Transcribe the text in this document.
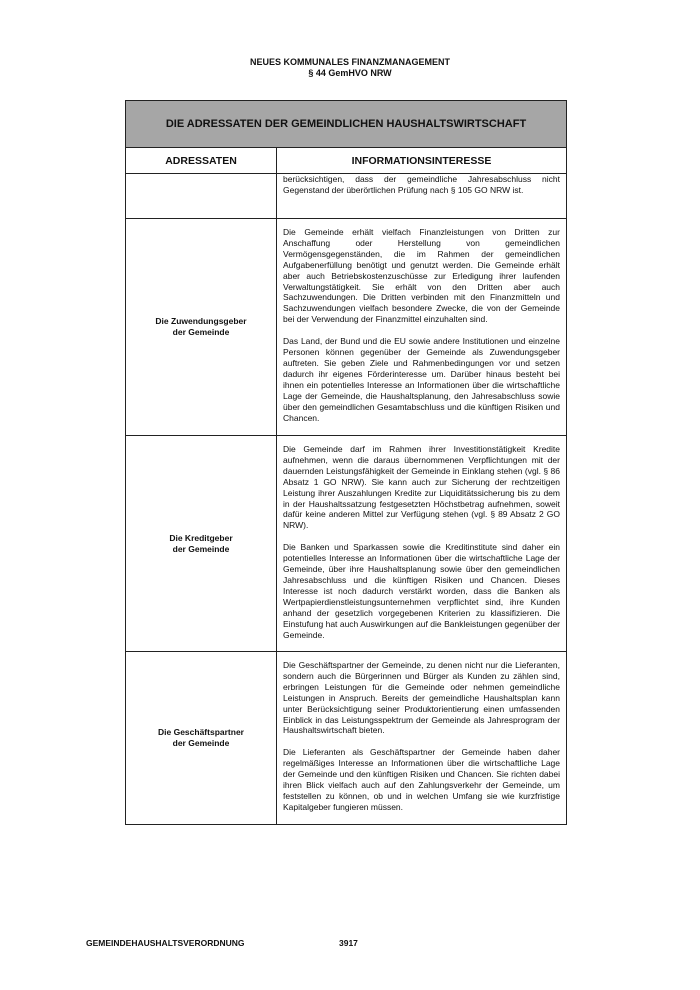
NEUES KOMMUNALES FINANZMANAGEMENT
§ 44 GemHVO NRW
DIE ADRESSATEN DER GEMEINDLICHEN HAUSHALTSWIRTSCHAFT
ADRESSATEN	INFORMATIONSINTERESSE

berücksichtigen, dass der gemeindliche Jahresabschluss nicht Gegenstand der überörtlichen Prüfung nach § 105 GO NRW ist.

Die Zuwendungsgeber
der Gemeinde

Die Gemeinde erhält vielfach Finanzleistungen von Dritten zur Anschaffung oder Herstellung von gemeindlichen Vermögensgegenständen, die im Rahmen der gemeindlichen Aufgabenerfüllung benötigt und genutzt werden. Die Gemeinde erhält aber auch Betriebskostenzuschüsse zur Erledigung ihrer laufenden Verwaltungstätigkeit. Sie erhält von den Dritten aber auch Sachzuwendungen. Die Dritten verbinden mit den Finanzmitteln und Sachzuwendungen vielfach besondere Zwecke, die von der Gemeinde bei der Verwendung der Finanzmittel einzuhalten sind.

Das Land, der Bund und die EU sowie andere Institutionen und einzelne Personen können gegenüber der Gemeinde als Zuwendungsgeber auftreten. Sie geben Ziele und Rahmenbedingungen vor und setzen dadurch ihr eigenes Förderinteresse um. Darüber hinaus besteht bei ihnen ein potentielles Interesse an Informationen über die wirtschaftliche Lage der Gemeinde, die Haushaltsplanung, den Jahresabschluss sowie über den gemeindlichen Gesamtabschluss und die künftigen Risiken und Chancen.

Die Kreditgeber
der Gemeinde

Die Gemeinde darf im Rahmen ihrer Investitionstätigkeit Kredite aufnehmen, wenn die daraus übernommenen Verpflichtungen mit der dauernden Leistungsfähigkeit der Gemeinde in Einklang stehen (vgl. § 86 Absatz 1 GO NRW). Sie kann auch zur Sicherung der rechtzeitigen Leistung ihrer Auszahlungen Kredite zur Liquiditätssicherung bis zu dem in der Haushaltssatzung festgesetzten Höchstbetrag aufnehmen, soweit dafür keine anderen Mittel zur Verfügung stehen (vgl. § 89 Absatz 2 GO NRW).

Die Banken und Sparkassen sowie die Kreditinstitute sind daher ein potentielles Interesse an Informationen über die wirtschaftliche Lage der Gemeinde, über ihre Haushaltsplanung sowie über den gemeindlichen Jahresabschluss und die künftigen Risiken und Chancen. Dieses Interesse ist noch dadurch verstärkt worden, dass die Banken als Wertpapierdienstleistungsunternehmen verpflichtet sind, ihre Kunden anhand der gesetzlich vorgegebenen Kriterien zu klassifizieren. Die Einstufung hat auch Auswirkungen auf die Bankleistungen gegenüber der Gemeinde.

Die Geschäftspartner
der Gemeinde

Die Geschäftspartner der Gemeinde, zu denen nicht nur die Lieferanten, sondern auch die Bürgerinnen und Bürger als Kunden zu zählen sind, erbringen Leistungen für die Gemeinde oder nehmen gemeindliche Leistungen in Anspruch. Bereits der gemeindliche Haushaltsplan kann unter Berücksichtigung seiner Produktorientierung einen umfassenden Einblick in das Leistungsspektrum der Gemeinde als Jahresprogram der Haushaltswirtschaft bieten.

Die Lieferanten als Geschäftspartner der Gemeinde haben daher regelmäßiges Interesse an Informationen über die wirtschaftliche Lage der Gemeinde und den künftigen Risiken und Chancen. Sie richten dabei ihren Blick vielfach auch auf den Zahlungsverkehr der Gemeinde, um feststellen zu können, ob und in welchen Umfang sie wie kurzfristige Kapitalgeber fungieren müssen.

GEMEINDEHAUSHALTSVERORDNUNG	3917
